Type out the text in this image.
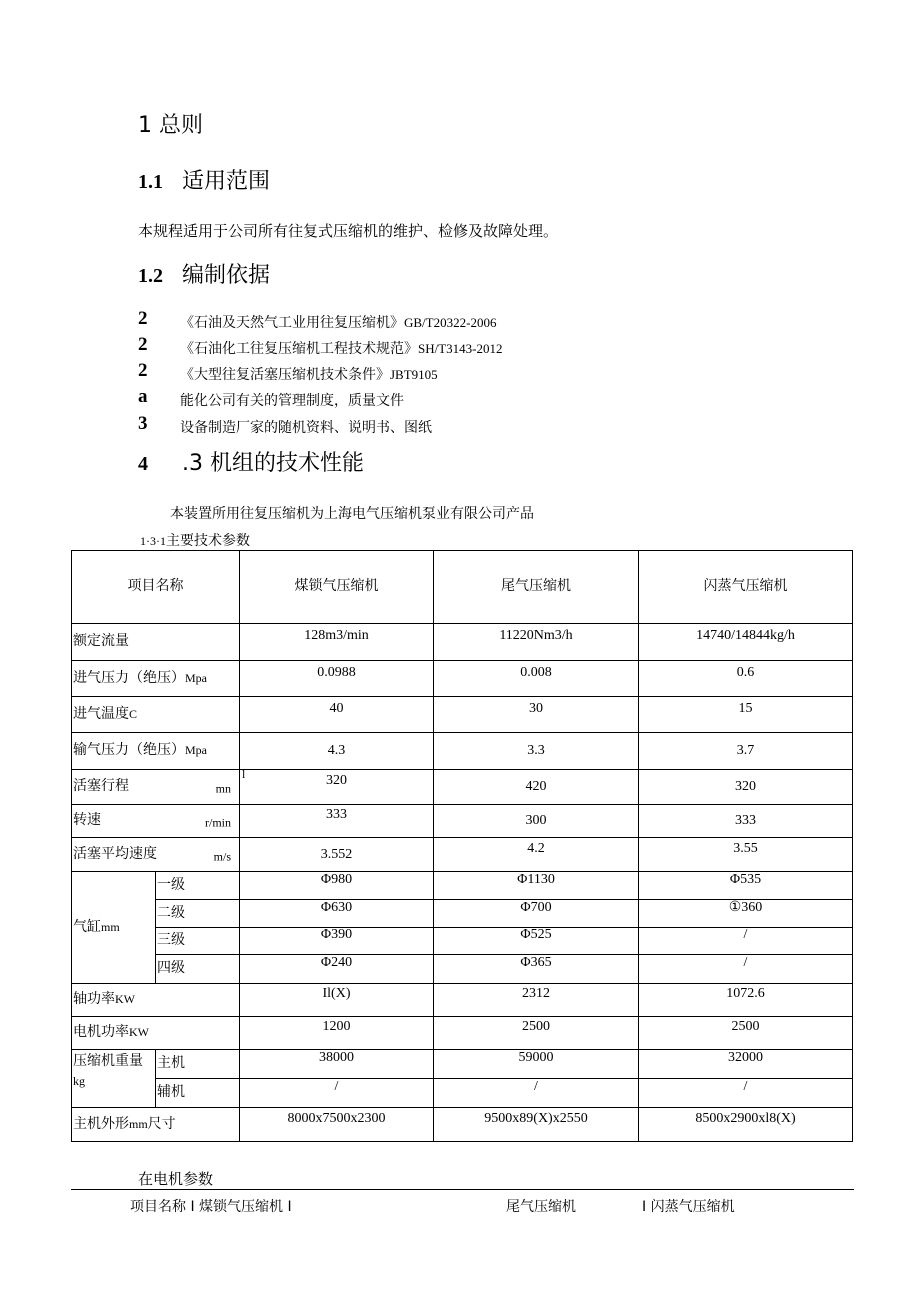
1 总则
1.1 适用范围
本规程适用于公司所有往复式压缩机的维护、检修及故障处理。
1.2 编制依据
2 《石油及天然气工业用往复压缩机》GB/T20322-2006
2 《石油化工往复压缩机工程技术规范》SH/T3143-2012
2 《大型往复活塞压缩机技术条件》JBT9105
a 能化公司有关的管理制度，质量文件
3 设备制造厂家的随机资料、说明书、图纸
4 .3 机组的技术性能
本装置所用往复压缩机为上海电气压缩机泵业有限公司产品
1·3·1主要技术参数
项目名称		煤锁气压缩机	尾气压缩机	闪蒸气压缩机
额定流量		128m3/min	11220Nm3/h	14740/14844kg/h
进气压力（绝压）Mpa		0.0988	0.008	0.6
进气温度C		40	30	15
输气压力（绝压）Mpa		4.3	3.3	3.7
活塞行程 mn		l 320	420	320
转速 r/min		333	300	333
活塞平均速度 m/s		3.552	4.2	3.55
气缸mm	一级	Φ980	Φ1130	Φ535
	二级	Φ630	Φ700	①360
	三级	Φ390	Φ525	/
	四级	Φ240	Φ365	/
轴功率KW		Il(X)	2312	1072.6
电机功率KW		1200	2500	2500

压缩机重量
kg	主机	38000	59000	32000
	辅机	/	/	/
主机外形mm尺寸		8000x7500x2300	9500x89(X)x2550	8500x2900xl8(X)
在电机参数
项目名称 I 煤锁气压缩机 I	尾气压缩机	I 闪蒸气压缩机
